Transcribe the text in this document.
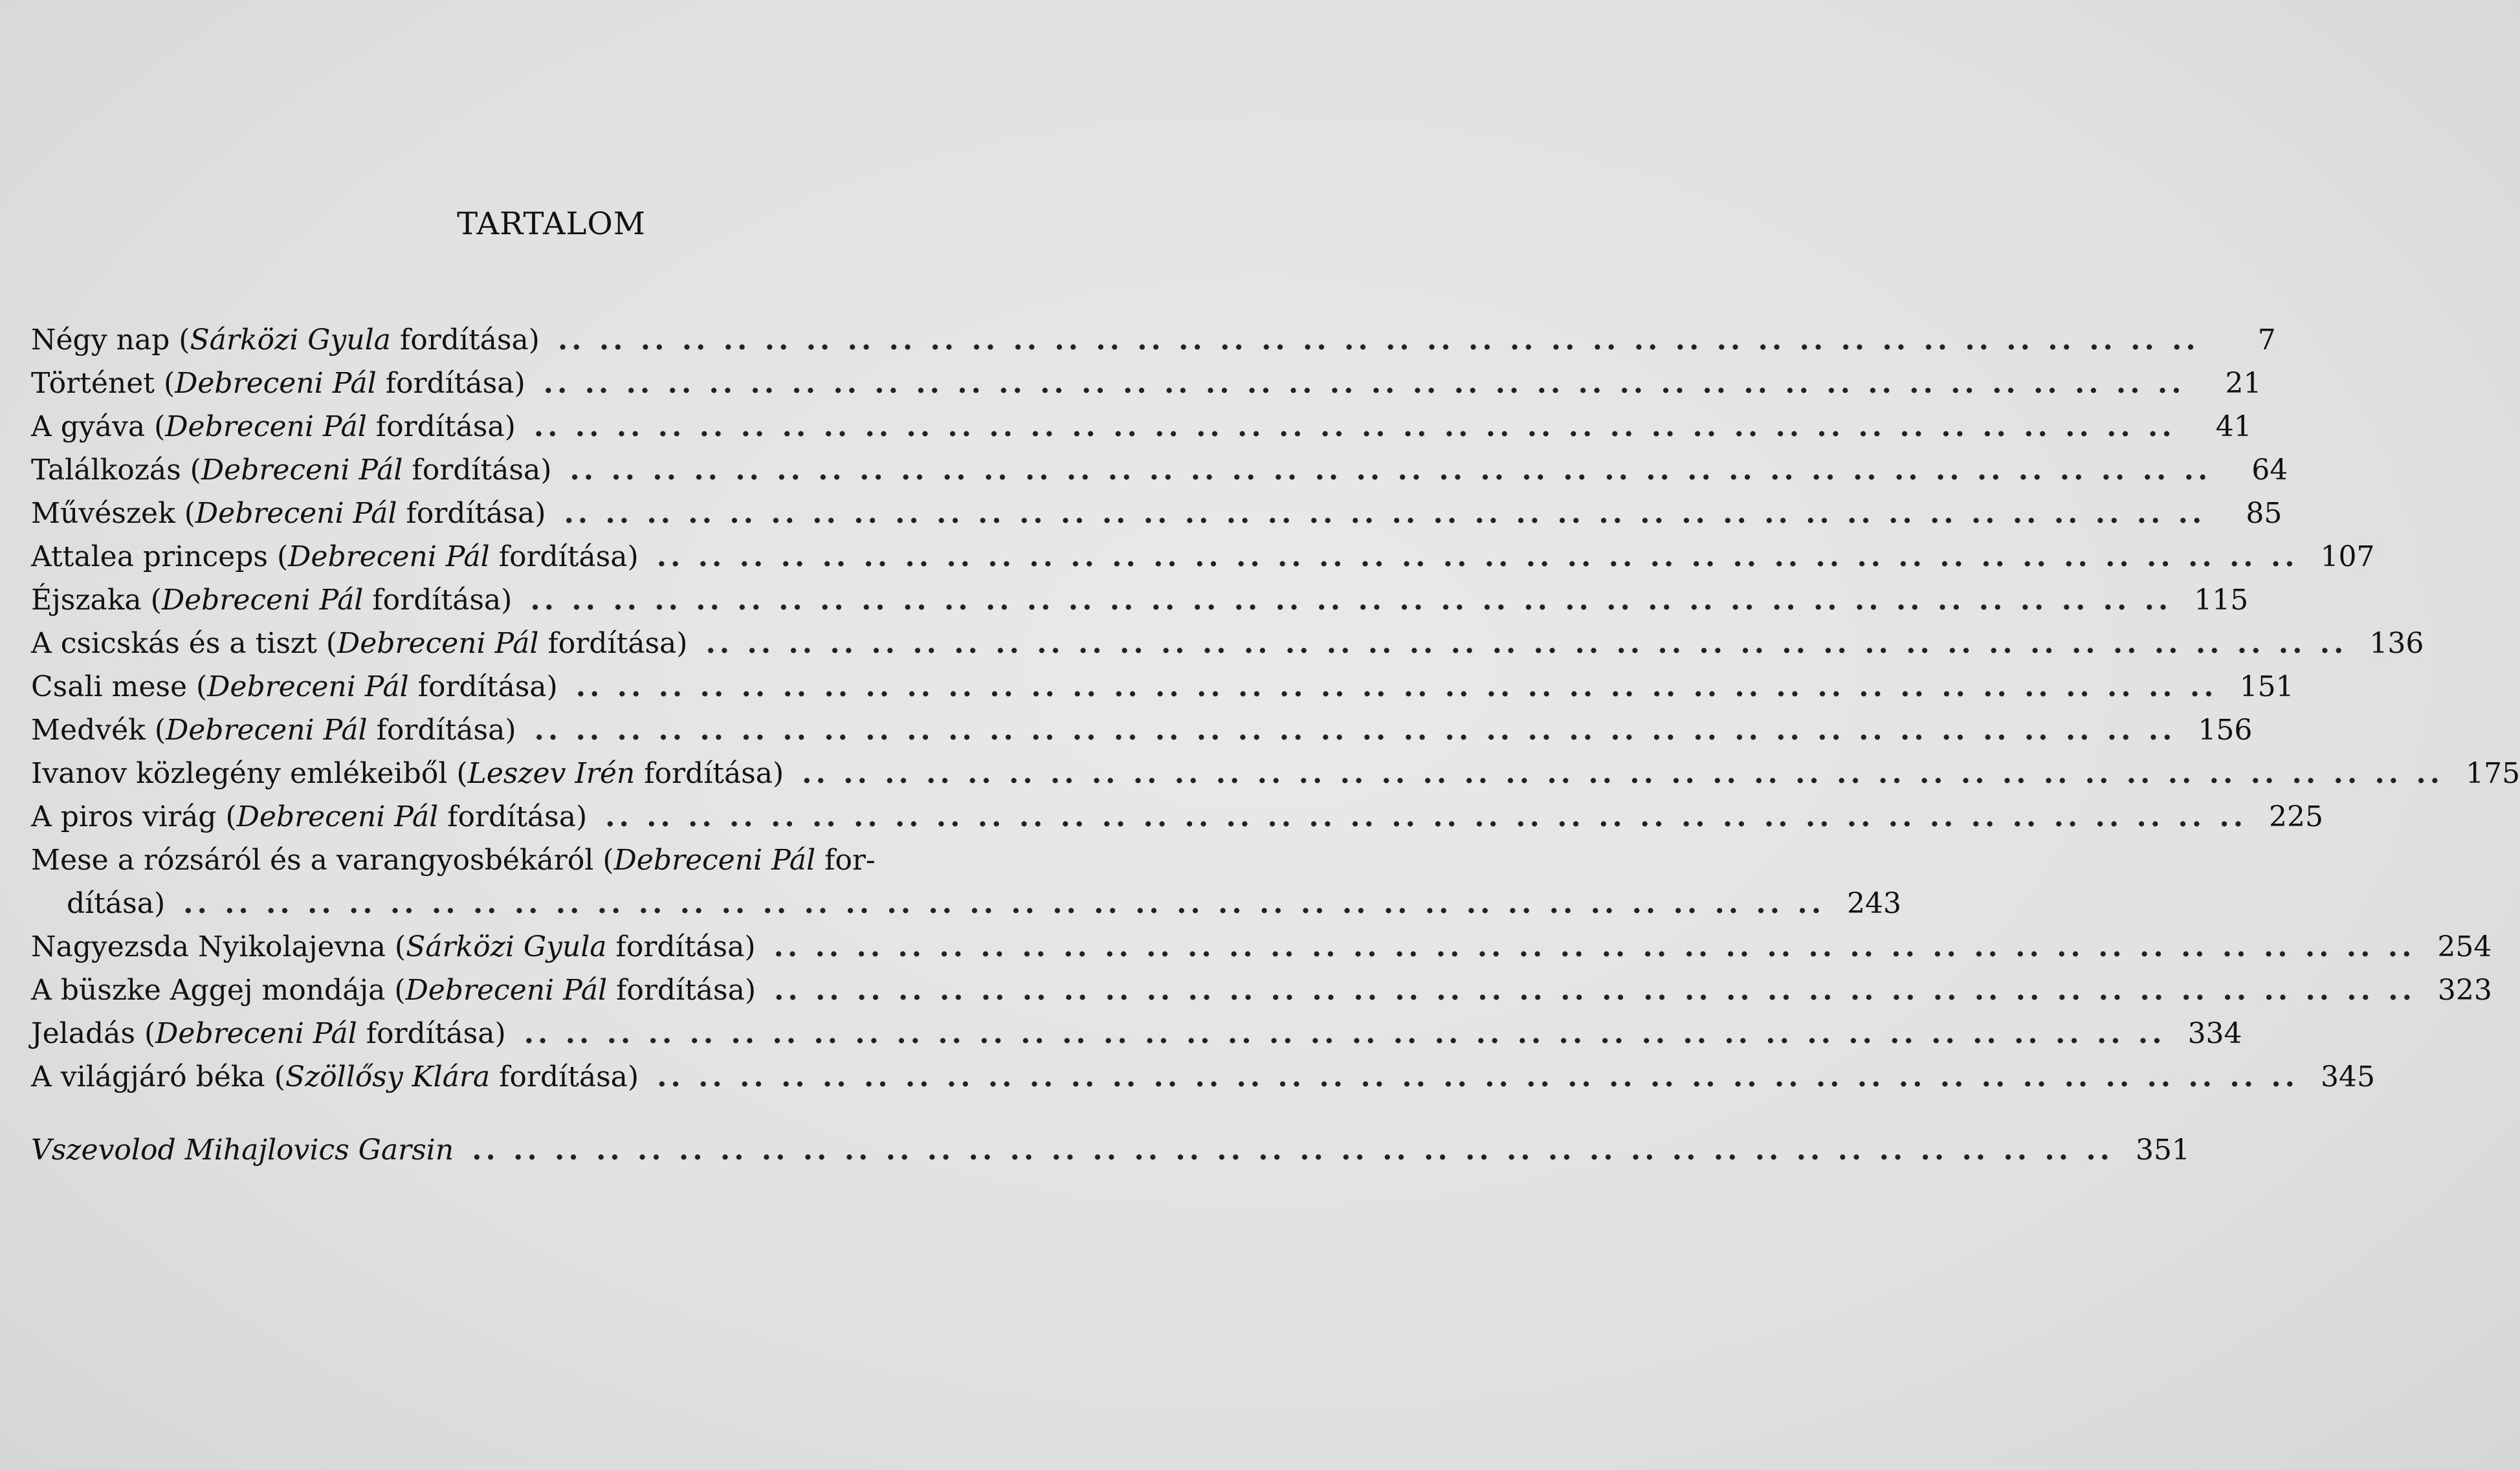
TARTALOM
Négy nap (Sárközi Gyula fordítása) .. .. .. .. .. .. .. .. .. .. .. .. .. .. .. .. .. .. .. .. .. .. .. .. .. .. .. .. .. .. .. .. .. .. .. .. .. .. .. ..	7
Történet (Debreceni Pál fordítása) .. .. .. .. .. .. .. .. .. .. .. .. .. .. .. .. .. .. .. .. .. .. .. .. .. .. .. .. .. .. .. .. .. .. .. .. .. .. .. ..	21
A gyáva (Debreceni Pál fordítása) .. .. .. .. .. .. .. .. .. .. .. .. .. .. .. .. .. .. .. .. .. .. .. .. .. .. .. .. .. .. .. .. .. .. .. .. .. .. .. ..	41
Találkozás (Debreceni Pál fordítása) .. .. .. .. .. .. .. .. .. .. .. .. .. .. .. .. .. .. .. .. .. .. .. .. .. .. .. .. .. .. .. .. .. .. .. .. .. .. .. ..	64
Művészek (Debreceni Pál fordítása) .. .. .. .. .. .. .. .. .. .. .. .. .. .. .. .. .. .. .. .. .. .. .. .. .. .. .. .. .. .. .. .. .. .. .. .. .. .. .. ..	85
Attalea princeps (Debreceni Pál fordítása) .. .. .. .. .. .. .. .. .. .. .. .. .. .. .. .. .. .. .. .. .. .. .. .. .. .. .. .. .. .. .. .. .. .. .. .. .. .. .. .. 107
Éjszaka (Debreceni Pál fordítása) .. .. .. .. .. .. .. .. .. .. .. .. .. .. .. .. .. .. .. .. .. .. .. .. .. .. .. .. .. .. .. .. .. .. .. .. .. .. .. .. 115
A csicskás és a tiszt (Debreceni Pál fordítása) .. .. .. .. .. .. .. .. .. .. .. .. .. .. .. .. .. .. .. .. .. .. .. .. .. .. .. .. .. .. .. .. .. .. .. .. .. .. .. .. 136
Csali mese (Debreceni Pál fordítása) .. .. .. .. .. .. .. .. .. .. .. .. .. .. .. .. .. .. .. .. .. .. .. .. .. .. .. .. .. .. .. .. .. .. .. .. .. .. .. .. 151
Medvék (Debreceni Pál fordítása) .. .. .. .. .. .. .. .. .. .. .. .. .. .. .. .. .. .. .. .. .. .. .. .. .. .. .. .. .. .. .. .. .. .. .. .. .. .. .. .. 156
Ivanov közlegény emlékeiből (Leszev Irén fordítása) .. .. .. .. .. .. .. .. .. .. .. .. .. .. .. .. .. .. .. .. .. .. .. .. .. .. .. .. .. .. .. .. .. .. .. .. .. .. .. .. 175
A piros virág (Debreceni Pál fordítása) .. .. .. .. .. .. .. .. .. .. .. .. .. .. .. .. .. .. .. .. .. .. .. .. .. .. .. .. .. .. .. .. .. .. .. .. .. .. .. .. 225
Mese a rózsáról és a varangyosbékáról (Debreceni Pál for-
dítása) .. .. .. .. .. .. .. .. .. .. .. .. .. .. .. .. .. .. .. .. .. .. .. .. .. .. .. .. .. .. .. .. .. .. .. .. .. .. .. .. 243
Nagyezsda Nyikolajevna (Sárközi Gyula fordítása) .. .. .. .. .. .. .. .. .. .. .. .. .. .. .. .. .. .. .. .. .. .. .. .. .. .. .. .. .. .. .. .. .. .. .. .. .. .. .. .. 254
A büszke Aggej mondája (Debreceni Pál fordítása) .. .. .. .. .. .. .. .. .. .. .. .. .. .. .. .. .. .. .. .. .. .. .. .. .. .. .. .. .. .. .. .. .. .. .. .. .. .. .. .. 323
Jeladás (Debreceni Pál fordítása) .. .. .. .. .. .. .. .. .. .. .. .. .. .. .. .. .. .. .. .. .. .. .. .. .. .. .. .. .. .. .. .. .. .. .. .. .. .. .. .. 334
A világjáró béka (Szöllősy Klára fordítása) .. .. .. .. .. .. .. .. .. .. .. .. .. .. .. .. .. .. .. .. .. .. .. .. .. .. .. .. .. .. .. .. .. .. .. .. .. .. .. .. 345
Vszevolod Mihajlovics Garsin .. .. .. .. .. .. .. .. .. .. .. .. .. .. .. .. .. .. .. .. .. .. .. .. .. .. .. .. .. .. .. .. .. .. .. .. .. .. .. .. 351
